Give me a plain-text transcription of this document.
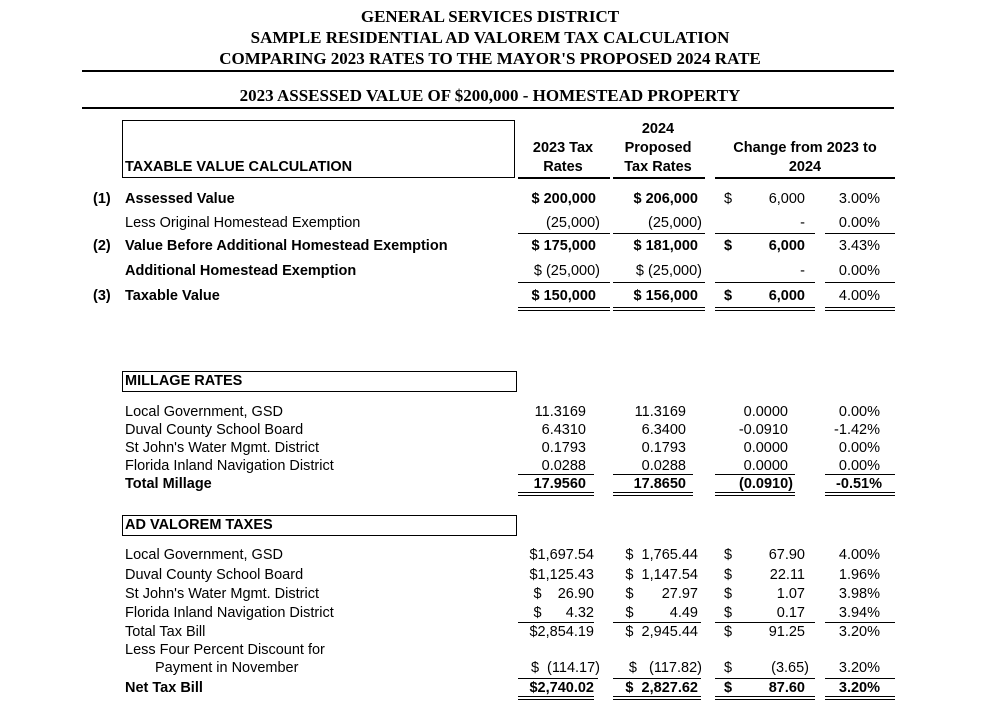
GENERAL SERVICES DISTRICT
SAMPLE RESIDENTIAL AD VALOREM TAX CALCULATION
COMPARING 2023 RATES TO THE MAYOR'S PROPOSED 2024 RATE
2023 ASSESSED VALUE OF $200,000 - HOMESTEAD PROPERTY
2023 Tax
Rates
2024
Proposed
Tax Rates
Change from 2023 to
2024
TAXABLE VALUE CALCULATION
(1) Assessed Value	$ 200,000	$ 206,000 $	6,000	3.00%
Less Original Homestead Exemption	(25,000)	(25,000)	-	0.00%
(2) Value Before Additional Homestead Exemption	$ 175,000	$ 181,000 $	6,000	3.43%
Additional Homestead Exemption	$ (25,000)	$ (25,000)	-	0.00%
(3) Taxable Value	$ 150,000	$ 156,000 $	6,000	4.00%
MILLAGE RATES
Local Government, GSD	11.3169	11.3169	0.0000	0.00%
Duval County School Board	6.4310	6.3400	-0.0910	-1.42%
St John's Water Mgmt. District	0.1793	0.1793	0.0000	0.00%
Florida Inland Navigation District	0.0288	0.0288	0.0000	0.00%
Total Millage	17.9560	17.8650	(0.0910)	-0.51%
AD VALOREM TAXES
Local Government, GSD	$1,697.54	$  1,765.44 $	67.90	4.00%
Duval County School Board	$1,125.43	$  1,147.54 $	22.11	1.96%
St John's Water Mgmt. District	$    26.90	$       27.97 $	1.07	3.98%
Florida Inland Navigation District	$      4.32	$         4.49 $	0.17	3.94%
Total Tax Bill	$2,854.19	$  2,945.44 $	91.25	3.20%
Less Four Percent Discount for
Payment in November	$  (114.17)	$   (117.82) $	(3.65)	3.20%
Net Tax Bill	$2,740.02	$  2,827.62 $	87.60	3.20%
